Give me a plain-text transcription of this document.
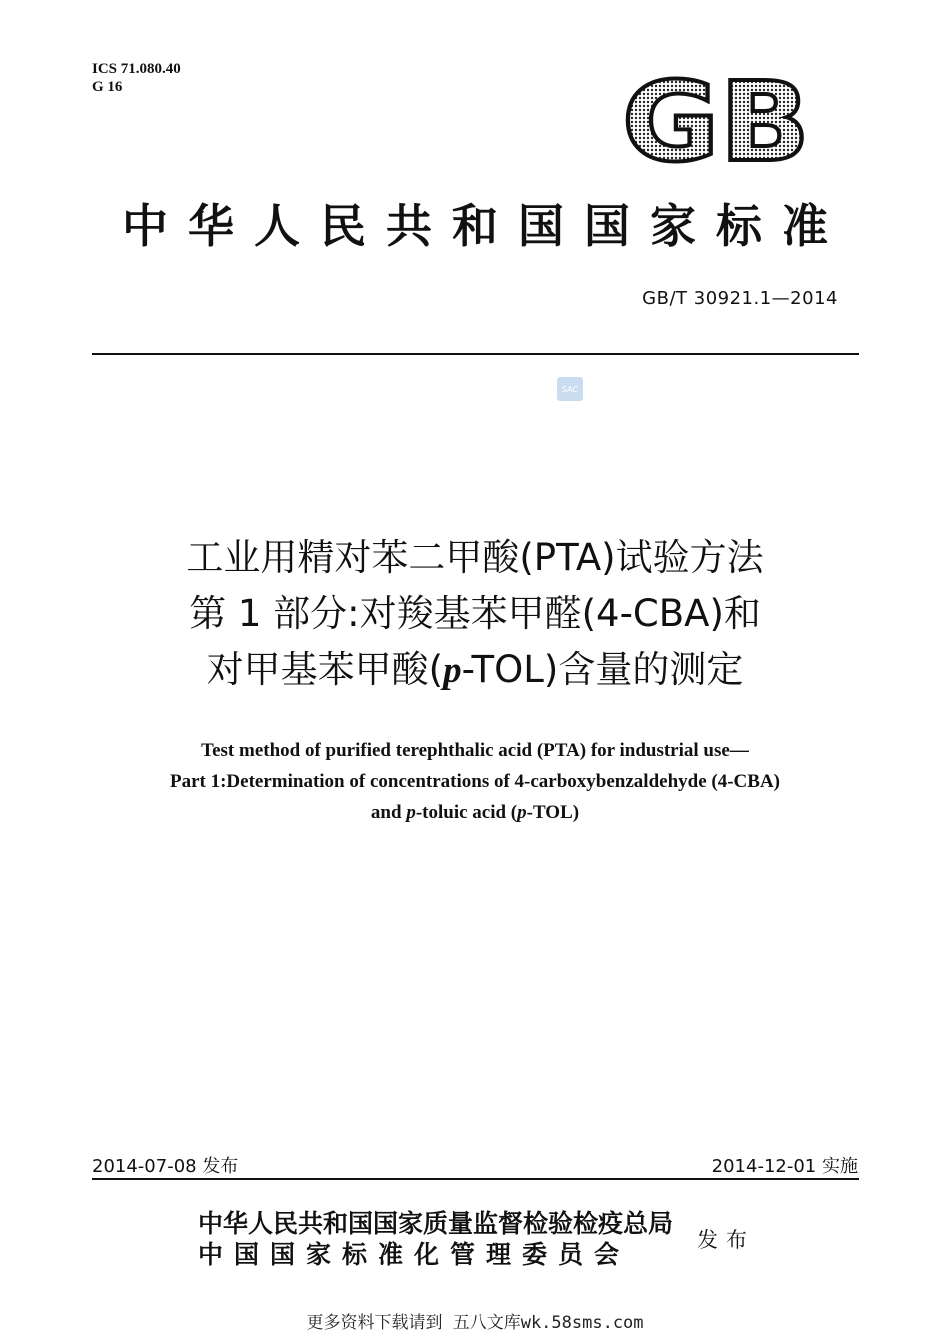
ICS 71.080.40
G 16	GB
中华人民共和国国家标准
GB/T 30921.1—2014
SAC
工业用精对苯二甲酸(PTA)试验方法
第 1 部分:对羧基苯甲醛(4-CBA)和
对甲基苯甲酸(p-TOL)含量的测定
Test method of purified terephthalic acid (PTA) for industrial use—
Part 1:Determination of concentrations of 4-carboxybenzaldehyde (4-CBA)
and p-toluic acid (p-TOL)
2014-07-08 发布	2014-12-01 实施
中华人民共和国国家质量监督检验检疫总局
中国国家标准化管理委员会	发布
更多资料下载请到 五八文库wk.58sms.com
